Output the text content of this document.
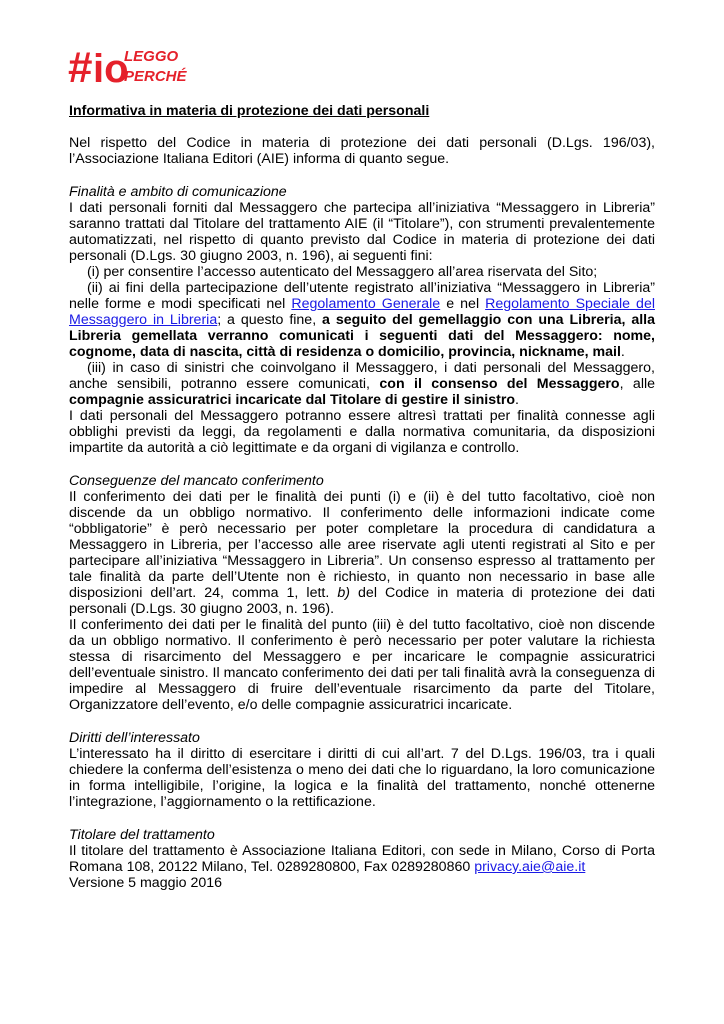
# io
LEGGO
PERCHÉ

Informativa in materia di protezione dei dati personali

Nel rispetto del Codice in materia di protezione dei dati personali (D.Lgs. 196/03), l’Associazione Italiana Editori (AIE) informa di quanto segue.

Finalità e ambito di comunicazione

I dati personali forniti dal Messaggero che partecipa all’iniziativa “Messaggero in Libreria” saranno trattati dal Titolare del trattamento AIE (il “Titolare”), con strumenti prevalentemente automatizzati, nel rispetto di quanto previsto dal Codice in materia di protezione dei dati personali (D.Lgs. 30 giugno 2003, n. 196), ai seguenti fini:

(i) per consentire l’accesso autenticato del Messaggero all’area riservata del Sito;

(ii) ai fini della partecipazione dell’utente registrato all’iniziativa “Messaggero in Libreria” nelle forme e modi specificati nel Regolamento Generale e nel Regolamento Speciale del Messaggero in Libreria; a questo fine, a seguito del gemellaggio con una Libreria, alla Libreria gemellata verranno comunicati i seguenti dati del Messaggero: nome, cognome, data di nascita, città di residenza o domicilio, provincia, nickname, mail.

(iii) in caso di sinistri che coinvolgano il Messaggero, i dati personali del Messaggero, anche sensibili, potranno essere comunicati, con il consenso del Messaggero, alle compagnie assicuratrici incaricate dal Titolare di gestire il sinistro.

I dati personali del Messaggero potranno essere altresì trattati per finalità connesse agli obblighi previsti da leggi, da regolamenti e dalla normativa comunitaria, da disposizioni impartite da autorità a ciò legittimate e da organi di vigilanza e controllo.

Conseguenze del mancato conferimento

Il conferimento dei dati per le finalità dei punti (i) e (ii) è del tutto facoltativo, cioè non discende da un obbligo normativo. Il conferimento delle informazioni indicate come “obbligatorie” è però necessario per poter completare la procedura di candidatura a Messaggero in Libreria, per l’accesso alle aree riservate agli utenti registrati al Sito e per partecipare all’iniziativa “Messaggero in Libreria”. Un consenso espresso al trattamento per tale finalità da parte dell’Utente non è richiesto, in quanto non necessario in base alle disposizioni dell’art. 24, comma 1, lett. b) del Codice in materia di protezione dei dati personali (D.Lgs. 30 giugno 2003, n. 196).

Il conferimento dei dati per le finalità del punto (iii) è del tutto facoltativo, cioè non discende da un obbligo normativo. Il conferimento è però necessario per poter valutare la richiesta stessa di risarcimento del Messaggero e per incaricare le compagnie assicuratrici dell’eventuale sinistro. Il mancato conferimento dei dati per tali finalità avrà la conseguenza di impedire al Messaggero di fruire dell’eventuale risarcimento da parte del Titolare, Organizzatore dell’evento, e/o delle compagnie assicuratrici incaricate.

Diritti dell’interessato

L’interessato ha il diritto di esercitare i diritti di cui all’art. 7 del D.Lgs. 196/03, tra i quali chiedere la conferma dell’esistenza o meno dei dati che lo riguardano, la loro comunicazione in forma intelligibile, l’origine, la logica e la finalità del trattamento, nonché ottenerne l’integrazione, l’aggiornamento o la rettificazione.

Titolare del trattamento

Il titolare del trattamento è Associazione Italiana Editori, con sede in Milano, Corso di Porta Romana 108, 20122 Milano, Tel. 0289280800, Fax 0289280860 privacy.aie@aie.it

Versione 5 maggio 2016
